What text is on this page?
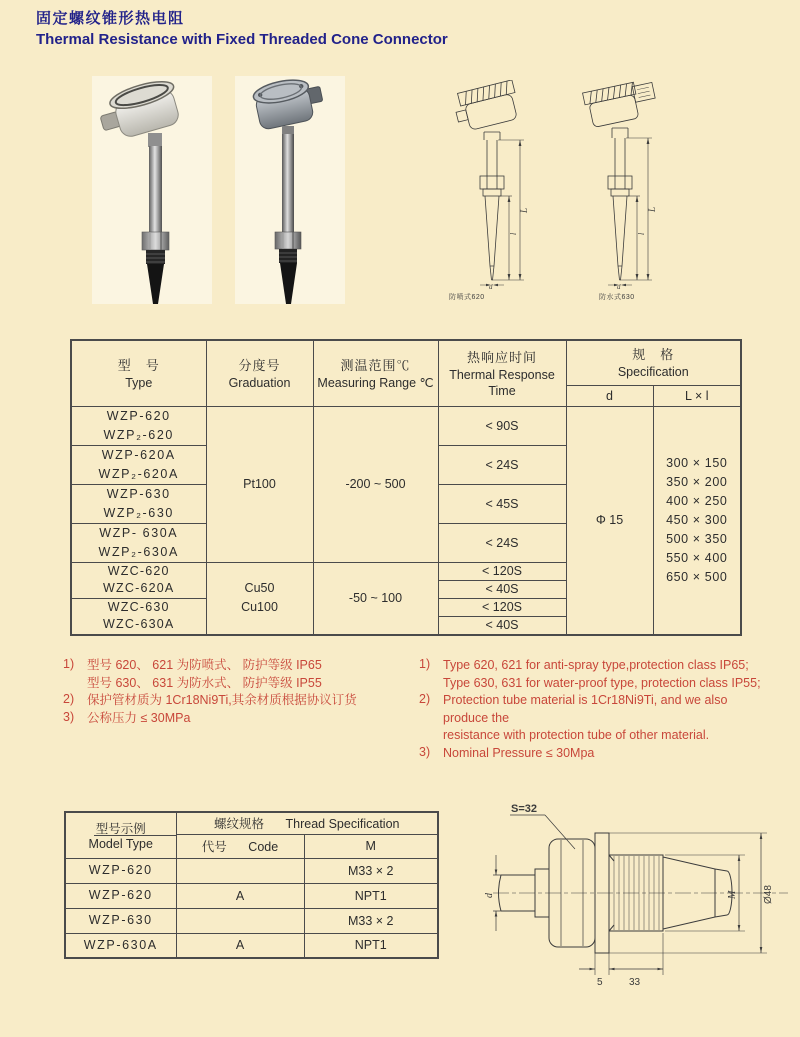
固定螺纹锥形热电阻
Thermal Resistance with Fixed Threaded Cone Connector
L
l
d
L
l
d
防喷式620	防水式630
型　号
Type

分度号
Graduation

测温范围℃
Measuring Range ℃

热响应时间
Thermal Response
Time

规　格
Specification

				d	L × l

WZP-620
WZP₂-620
	Pt100	-200 ~ 500	< 90S	Φ 15	
300 × 150
350 × 200
400 × 250
450 × 300
500 × 350
550 × 400
650 × 500

WZP-620A
WZP₂-620A			< 24S		

WZP-630
WZP₂-630			< 45S		

WZP- 630A
WZP₂-630A			< 24S		

WZC-620
WZC-620A	Cu50
Cu100
	-50 ~ 100	< 120S
			< 40S		

WZC-630
WZC-630A			< 120S		
			< 40S		
1)	型号 620、 621 为防喷式、 防护等级 IP65
型号 630、 631 为防水式、 防护等级 IP55
2)	保护管材质为 1Cr18Ni9Ti,其余材质根据协议订货
3)	公称压力 ≤ 30MPa
1)	Type 620, 621 for anti-spray type,protection class IP65;
Type 630, 631 for water-proof type, protection class IP55;
2)	Protection tube material is 1Cr18Ni9Ti, and we also produce the
resistance with protection tube of other material.
3)	Nominal Pressure ≤ 30Mpa
型号示例
Model Type	螺纹规格 Thread Specification	
	代号 Code	M
WZP-620		M33 × 2
WZP-620	A	NPT1
WZP-630		M33 × 2
WZP-630A	A	NPT1
S=32
d	M	Ø48
5	33
